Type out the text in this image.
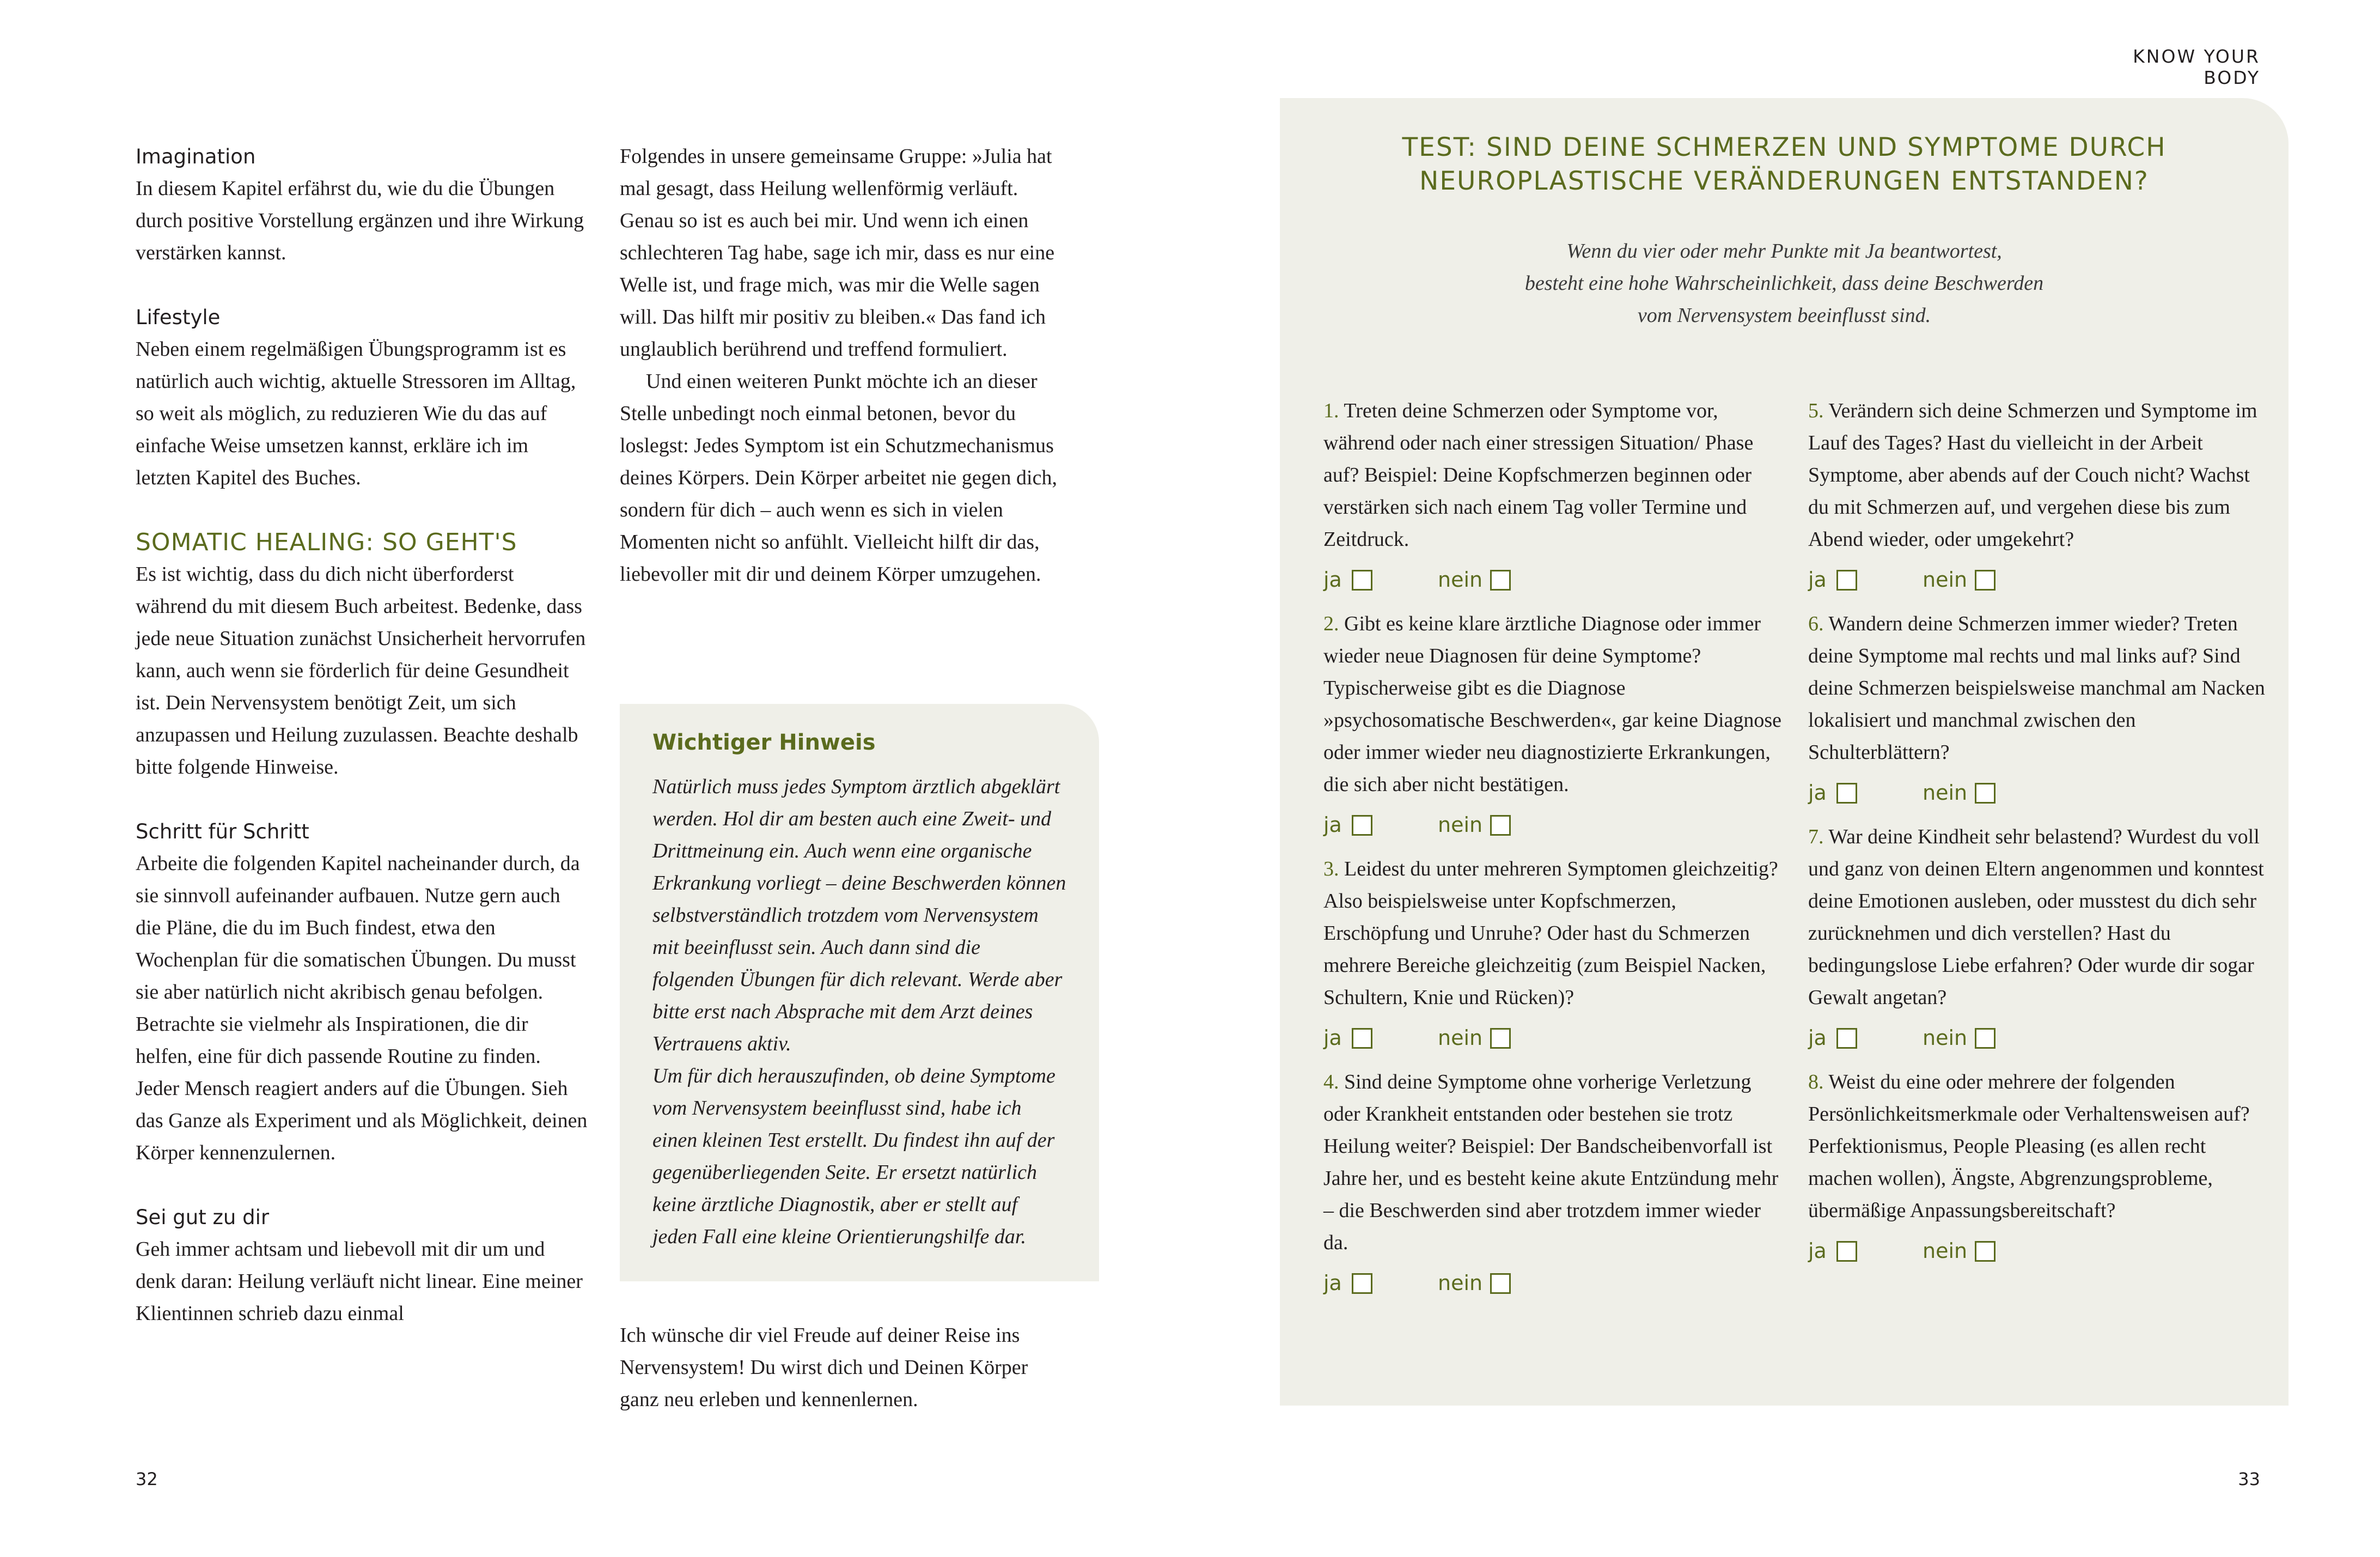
Imagination

In diesem Kapitel erfährst du, wie du die Übungen durch positive Vorstellung ergänzen und ihre Wirkung verstärken kannst.

Lifestyle

Neben einem regelmäßigen Übungsprogramm ist es natürlich auch wichtig, aktuelle Stressoren im Alltag, so weit als möglich, zu reduzieren Wie du das auf einfache Weise umsetzen kannst, erkläre ich im letzten Kapitel des Buches.

SOMATIC HEALING: SO GEHT'S

Es ist wichtig, dass du dich nicht überforderst während du mit diesem Buch arbeitest. Bedenke, dass jede neue Situation zunächst Unsicherheit hervorrufen kann, auch wenn sie förderlich für deine Gesundheit ist. Dein Nervensystem benötigt Zeit, um sich anzupassen und Heilung zuzulassen. Beachte deshalb bitte folgende Hinweise.

Schritt für Schritt

Arbeite die folgenden Kapitel nacheinander durch, da sie sinnvoll aufeinander aufbauen. Nutze gern auch die Pläne, die du im Buch findest, etwa den Wochenplan für die somatischen Übungen. Du musst sie aber natürlich nicht akribisch genau befolgen. Betrachte sie vielmehr als Inspirationen, die dir helfen, eine für dich passende Routine zu finden. Jeder Mensch reagiert anders auf die Übungen. Sieh das Ganze als Experiment und als Möglichkeit, deinen Körper kennenzulernen.

Sei gut zu dir

Geh immer achtsam und liebevoll mit dir um und denk daran: Heilung verläuft nicht linear. Eine meiner Klientinnen schrieb dazu einmal

Folgendes in unsere gemeinsame Gruppe: »Julia hat mal gesagt, dass Heilung wellenförmig verläuft. Genau so ist es auch bei mir. Und wenn ich einen schlechteren Tag habe, sage ich mir, dass es nur eine Welle ist, und frage mich, was mir die Welle sagen will. Das hilft mir positiv zu bleiben.« Das fand ich unglaublich berührend und treffend formuliert.

Und einen weiteren Punkt möchte ich an dieser Stelle unbedingt noch einmal betonen, bevor du loslegst: Jedes Symptom ist ein Schutzmechanismus deines Körpers. Dein Körper arbeitet nie gegen dich, sondern für dich – auch wenn es sich in vielen Momenten nicht so anfühlt. Vielleicht hilft dir das, liebevoller mit dir und deinem Körper umzugehen.

Wichtiger Hinweis

Natürlich muss jedes Symptom ärztlich abgeklärt werden. Hol dir am besten auch eine Zweit- und Drittmeinung ein. Auch wenn eine organische Erkrankung vorliegt – deine Beschwerden können selbstverständlich trotzdem vom Nervensystem mit beeinflusst sein. Auch dann sind die folgenden Übungen für dich relevant. Werde aber bitte erst nach Absprache mit dem Arzt deines Vertrauens aktiv.

Um für dich herauszufinden, ob deine Symptome vom Nervensystem beeinflusst sind, habe ich einen kleinen Test erstellt. Du findest ihn auf der gegenüberliegenden Seite. Er ersetzt natürlich keine ärztliche Diagnostik, aber er stellt auf jeden Fall eine kleine Orientierungshilfe dar.

Ich wünsche dir viel Freude auf deiner Reise ins Nervensystem! Du wirst dich und Deinen Körper ganz neu erleben und kennenlernen.

32
KNOW YOUR BODY
TEST: SIND DEINE SCHMERZEN UND SYMPTOME DURCH
NEUROPLASTISCHE VERÄNDERUNGEN ENTSTANDEN?
Wenn du vier oder mehr Punkte mit Ja beantwortest,
besteht eine hohe Wahrscheinlichkeit, dass deine Beschwerden
vom Nervensystem beeinflusst sind.

1. Treten deine Schmerzen oder Symptome vor, während oder nach einer stressigen Situation/ Phase auf? Beispiel: Deine Kopfschmerzen beginnen oder verstärken sich nach einem Tag voller Termine und Zeitdruck.

ja	nein

2. Gibt es keine klare ärztliche Diagnose oder immer wieder neue Diagnosen für deine Symptome? Typischerweise gibt es die Diagnose »psychosomatische Beschwerden«, gar keine Diagnose oder immer wieder neu diagnostizierte Erkrankungen, die sich aber nicht bestätigen.

ja	nein

3. Leidest du unter mehreren Symptomen gleichzeitig? Also beispielsweise unter Kopfschmerzen, Erschöpfung und Unruhe? Oder hast du Schmerzen mehrere Bereiche gleichzeitig (zum Beispiel Nacken, Schultern, Knie und Rücken)?

ja	nein

4. Sind deine Symptome ohne vorherige Verletzung oder Krankheit entstanden oder bestehen sie trotz Heilung weiter? Beispiel: Der Bandscheibenvorfall ist Jahre her, und es besteht keine akute Entzündung mehr – die Beschwerden sind aber trotzdem immer wieder da.

ja	nein

5. Verändern sich deine Schmerzen und Symptome im Lauf des Tages? Hast du vielleicht in der Arbeit Symptome, aber abends auf der Couch nicht? Wachst du mit Schmerzen auf, und vergehen diese bis zum Abend wieder, oder umgekehrt?

ja	nein

6. Wandern deine Schmerzen immer wieder? Treten deine Symptome mal rechts und mal links auf? Sind deine Schmerzen beispielsweise manchmal am Nacken lokalisiert und manchmal zwischen den Schulterblättern?

ja	nein

7. War deine Kindheit sehr belastend? Wurdest du voll und ganz von deinen Eltern angenommen und konntest deine Emotionen ausleben, oder musstest du dich sehr zurücknehmen und dich verstellen? Hast du bedingungslose Liebe erfahren? Oder wurde dir sogar Gewalt angetan?

ja	nein

8. Weist du eine oder mehrere der folgenden Persönlichkeitsmerkmale oder Verhaltensweisen auf? Perfektionismus, People Pleasing (es allen recht machen wollen), Ängste, Abgrenzungsprobleme, übermäßige Anpassungsbereitschaft?

ja	nein
33
